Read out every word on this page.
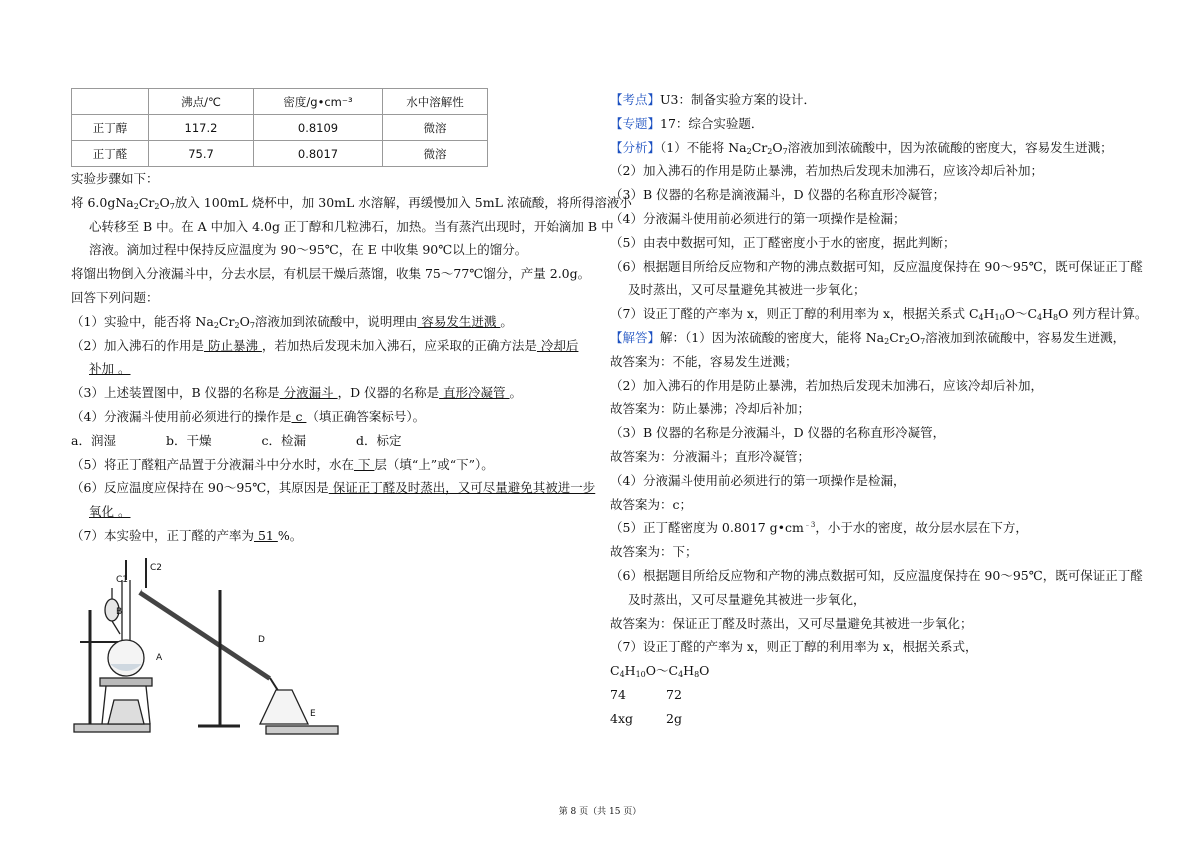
	沸点/℃	密度/g•cm⁻³	水中溶解性
正丁醇	117.2	0.8109	微溶
正丁醛	75.7	0.8017	微溶
实验步骤如下：
将 $6.0gNa_2Cr_2O_7$放入 100mL 烧杯中，加 30mL 水溶解，再缓慢加入 5mL 浓硫酸，将所得溶液小
心转移至 B 中。在 A 中加入 4.0g 正丁醇和几粒沸石，加热。当有蒸汽出现时，开始滴加 B 中
溶液。滴加过程中保持反应温度为 90～95℃，在 E 中收集 90℃以上的馏分。
将馏出物倒入分液漏斗中，分去水层，有机层干燥后蒸馏，收集 75～77℃馏分，产量 2.0g。
回答下列问题：
（1）实验中，能否将 $Na_2Cr_2O_7$溶液加到浓硫酸中，说明理由 容易发生迸溅 。
（2）加入沸石的作用是 防止暴沸 ，若加热后发现未加入沸石，应采取的正确方法是 冷却后
补加 。
（3）上述装置图中，B 仪器的名称是 分液漏斗 ，D 仪器的名称是 直形冷凝管 。
（4）分液漏斗使用前必须进行的操作是 c （填正确答案标号）。
a．润湿　　　　b．干燥　　　　c．检漏　　　　d．标定
（5）将正丁醛粗产品置于分液漏斗中分水时，水在 下 层（填“上”或“下”）。
（6）反应温度应保持在 90～95℃，其原因是 保证正丁醛及时蒸出，又可尽量避免其被进一步
氧化 。
（7）本实验中，正丁醛的产率为 51 %。
C1
C2
B
A
D
E
【考点】U3：制备实验方案的设计．
【专题】17：综合实验题．
【分析】（1）不能将 $Na_2Cr_2O_7$溶液加到浓硫酸中，因为浓硫酸的密度大，容易发生迸溅；
（2）加入沸石的作用是防止暴沸，若加热后发现未加沸石，应该冷却后补加；
（3）B 仪器的名称是滴液漏斗，D 仪器的名称直形冷凝管；
（4）分液漏斗使用前必须进行的第一项操作是检漏；
（5）由表中数据可知，正丁醛密度小于水的密度，据此判断；
（6）根据题目所给反应物和产物的沸点数据可知，反应温度保持在 90～95℃，既可保证正丁醛
及时蒸出，又可尽量避免其被进一步氧化；
（7）设正丁醛的产率为 x，则正丁醇的利用率为 x，根据关系式 $C_4H_{10}O\sim C_4H_8O$ 列方程计算。
【解答】解：（1）因为浓硫酸的密度大，能将 $Na_2Cr_2O_7$溶液加到浓硫酸中，容易发生迸溅，
故答案为：不能，容易发生迸溅；
（2）加入沸石的作用是防止暴沸，若加热后发现未加沸石，应该冷却后补加，
故答案为：防止暴沸；冷却后补加；
（3）B 仪器的名称是分液漏斗，D 仪器的名称直形冷凝管，
故答案为：分液漏斗；直形冷凝管；
（4）分液漏斗使用前必须进行的第一项操作是检漏，
故答案为：c；
（5）正丁醛密度为 0.8017 $g•cm^{﹣3}$，小于水的密度，故分层水层在下方，
故答案为：下；
（6）根据题目所给反应物和产物的沸点数据可知，反应温度保持在 90～95℃，既可保证正丁醛
及时蒸出，又可尽量避免其被进一步氧化，
故答案为：保证正丁醛及时蒸出，又可尽量避免其被进一步氧化；
（7）设正丁醛的产率为 x，则正丁醇的利用率为 x，根据关系式，
$C_4H_{10}O\sim C_4H_8O$
74	72
4xg	2g
第 8 页（共 15 页）
